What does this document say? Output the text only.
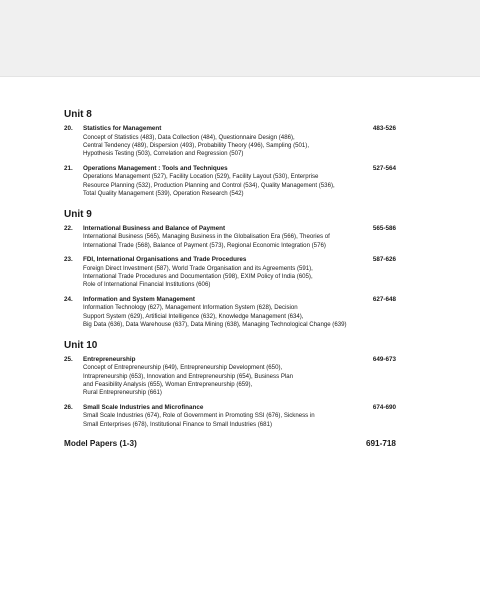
Unit 8
20.	Statistics for Management	483-526
Concept of Statistics (483), Data Collection (484), Questionnaire Design (486),
Central Tendency (489), Dispersion (493), Probability Theory (496), Sampling (501),
Hypothesis Testing (503), Correlation and Regression (507)
21.	Operations Management : Tools and Techniques	527-564
Operations Management (527), Facility Location (529), Facility Layout (530), Enterprise
Resource Planning (532), Production Planning and Control (534), Quality Management (536),
Total Quality Management (539), Operation Research (542)
Unit 9
22.	International Business and Balance of Payment	565-586
International Business (565), Managing Business in the Globalisation Era (566), Theories of
International Trade (568), Balance of Payment (573), Regional Economic Integration (576)
23.	FDI, International Organisations and Trade Procedures	587-626
Foreign Direct Investment (587), World Trade Organisation and its Agreements (591),
International Trade Procedures and Documentation (598), EXIM Policy of India (605),
Role of International Financial Institutions (606)
24.	Information and System Management	627-648
Information Technology (627), Management Information System (628), Decision
Support System (629), Artificial Intelligence (632), Knowledge Management (634),
Big Data (636), Data Warehouse (637), Data Mining (638), Managing Technological Change (639)
Unit 10
25.	Entrepreneurship	649-673
Concept of Entrepreneurship (649), Entrepreneurship Development (650),
Intrapreneurship (653), Innovation and Entrepreneurship (654), Business Plan
and Feasibility Analysis (655), Woman Entrepreneurship (659),
Rural Entrepreneurship (661)
26.	Small Scale Industries and Microfinance	674-690
Small Scale Industries (674), Role of Government in Promoting SSI (676), Sickness in
Small Enterprises (678), Institutional Finance to Small Industries (681)
Model Papers (1-3)	691-718
